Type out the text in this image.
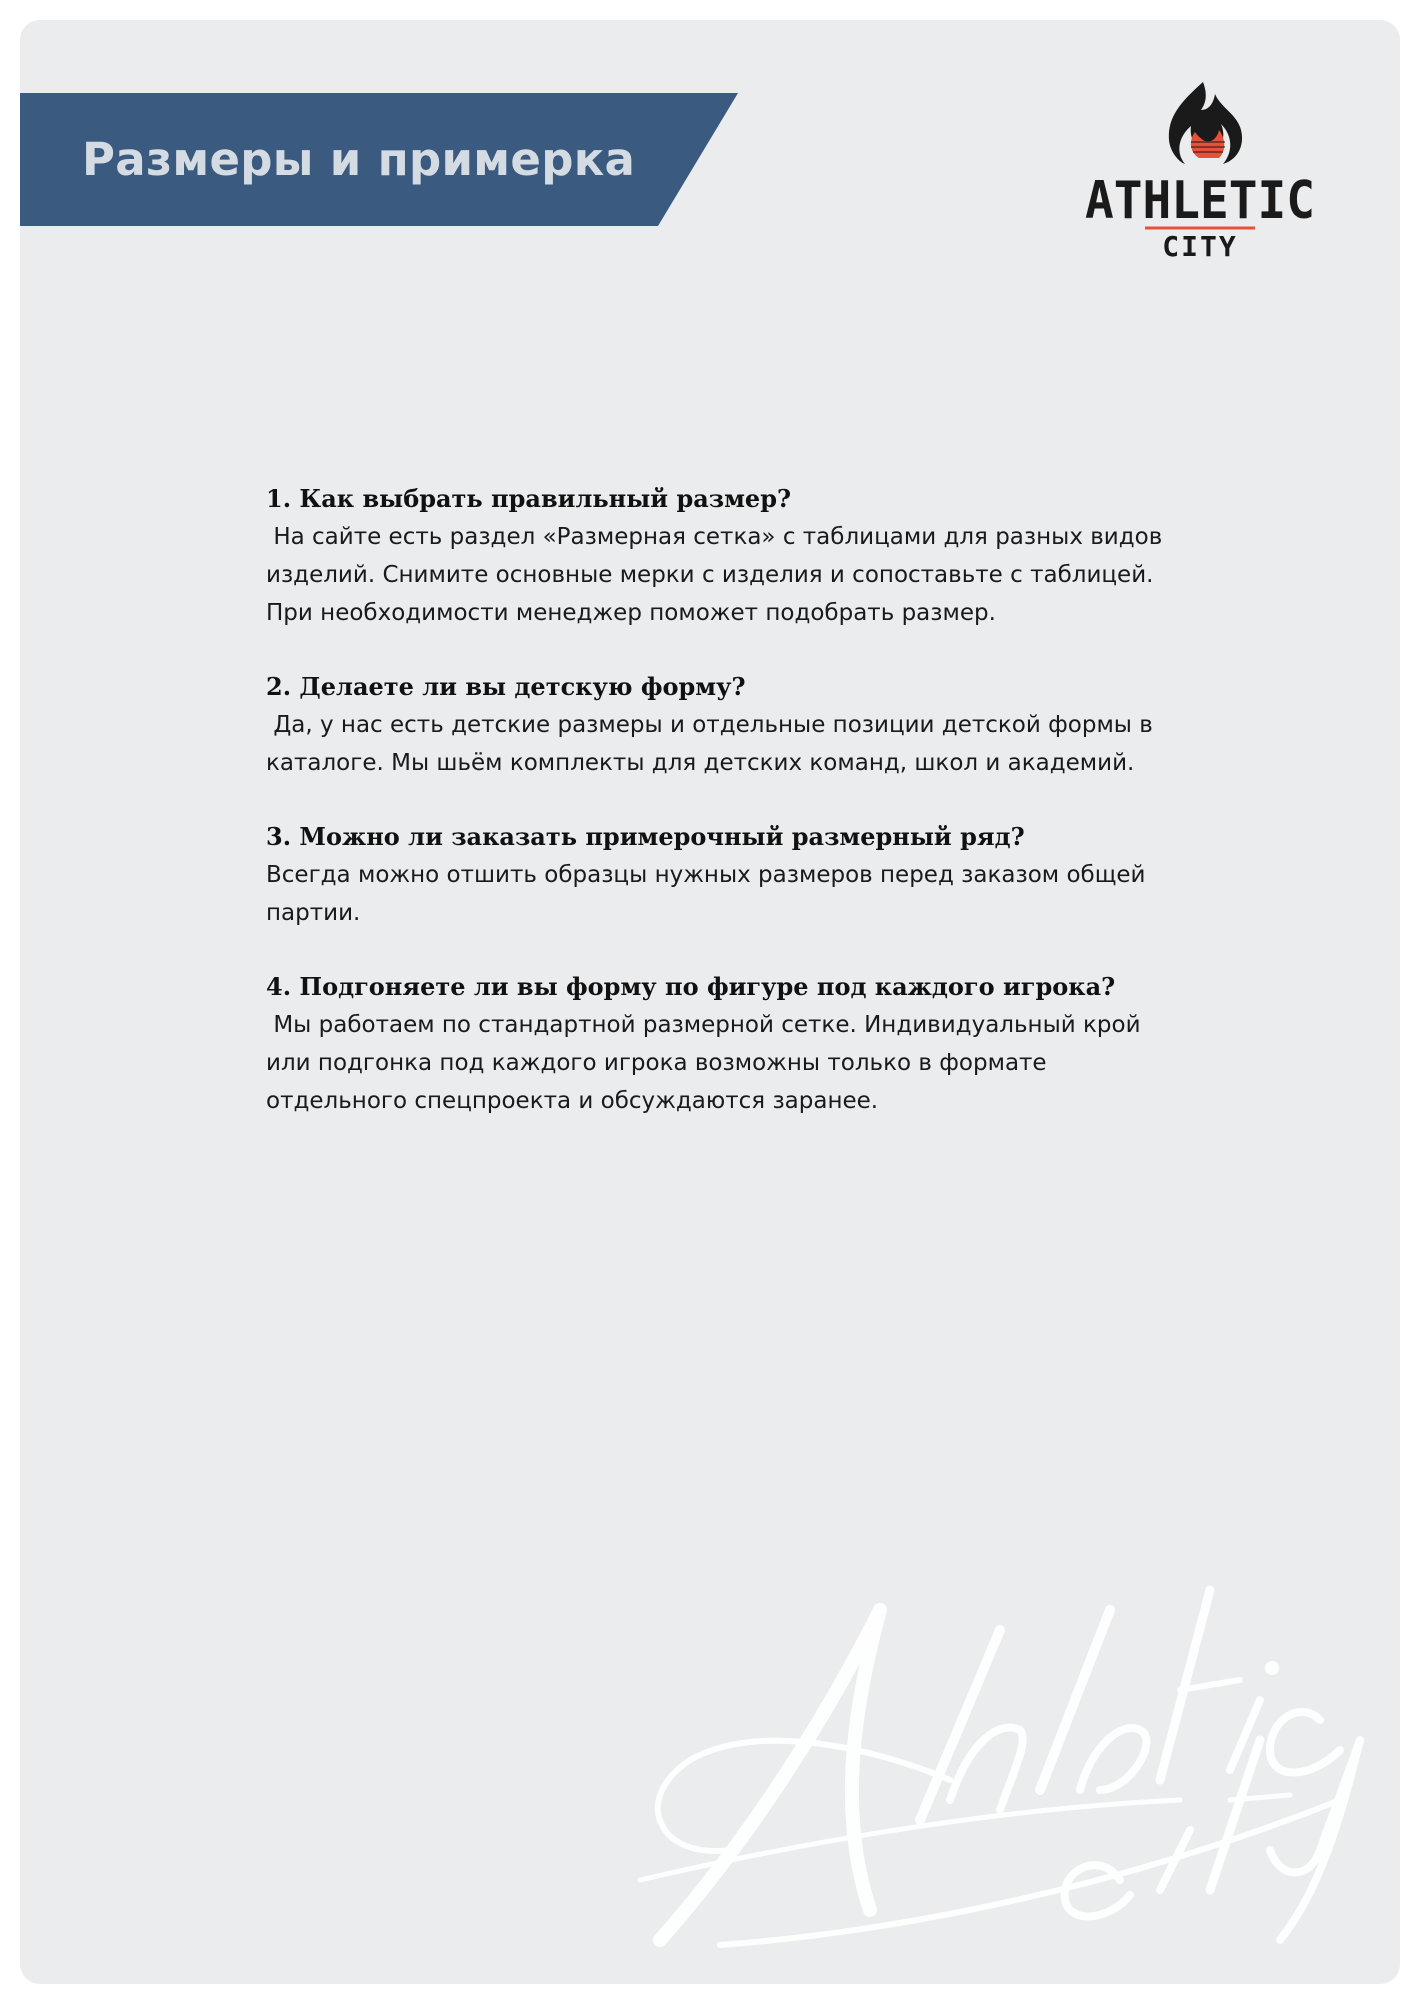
Размеры и примерка
ATHLETIC
CITY
1. Как выбрать правильный размер?
На сайте есть раздел «Размерная сетка» с таблицами для разных видов
изделий. Снимите основные мерки с изделия и сопоставьте с таблицей.
При необходимости менеджер поможет подобрать размер.
2. Делаете ли вы детскую форму?
Да, у нас есть детские размеры и отдельные позиции детской формы в
каталоге. Мы шьём комплекты для детских команд, школ и академий.
3. Можно ли заказать примерочный размерный ряд?
Всегда можно отшить образцы нужных размеров перед заказом общей
партии.
4. Подгоняете ли вы форму по фигуре под каждого игрока?
Мы работаем по стандартной размерной сетке. Индивидуальный крой
или подгонка под каждого игрока возможны только в формате
отдельного спецпроекта и обсуждаются заранее.
